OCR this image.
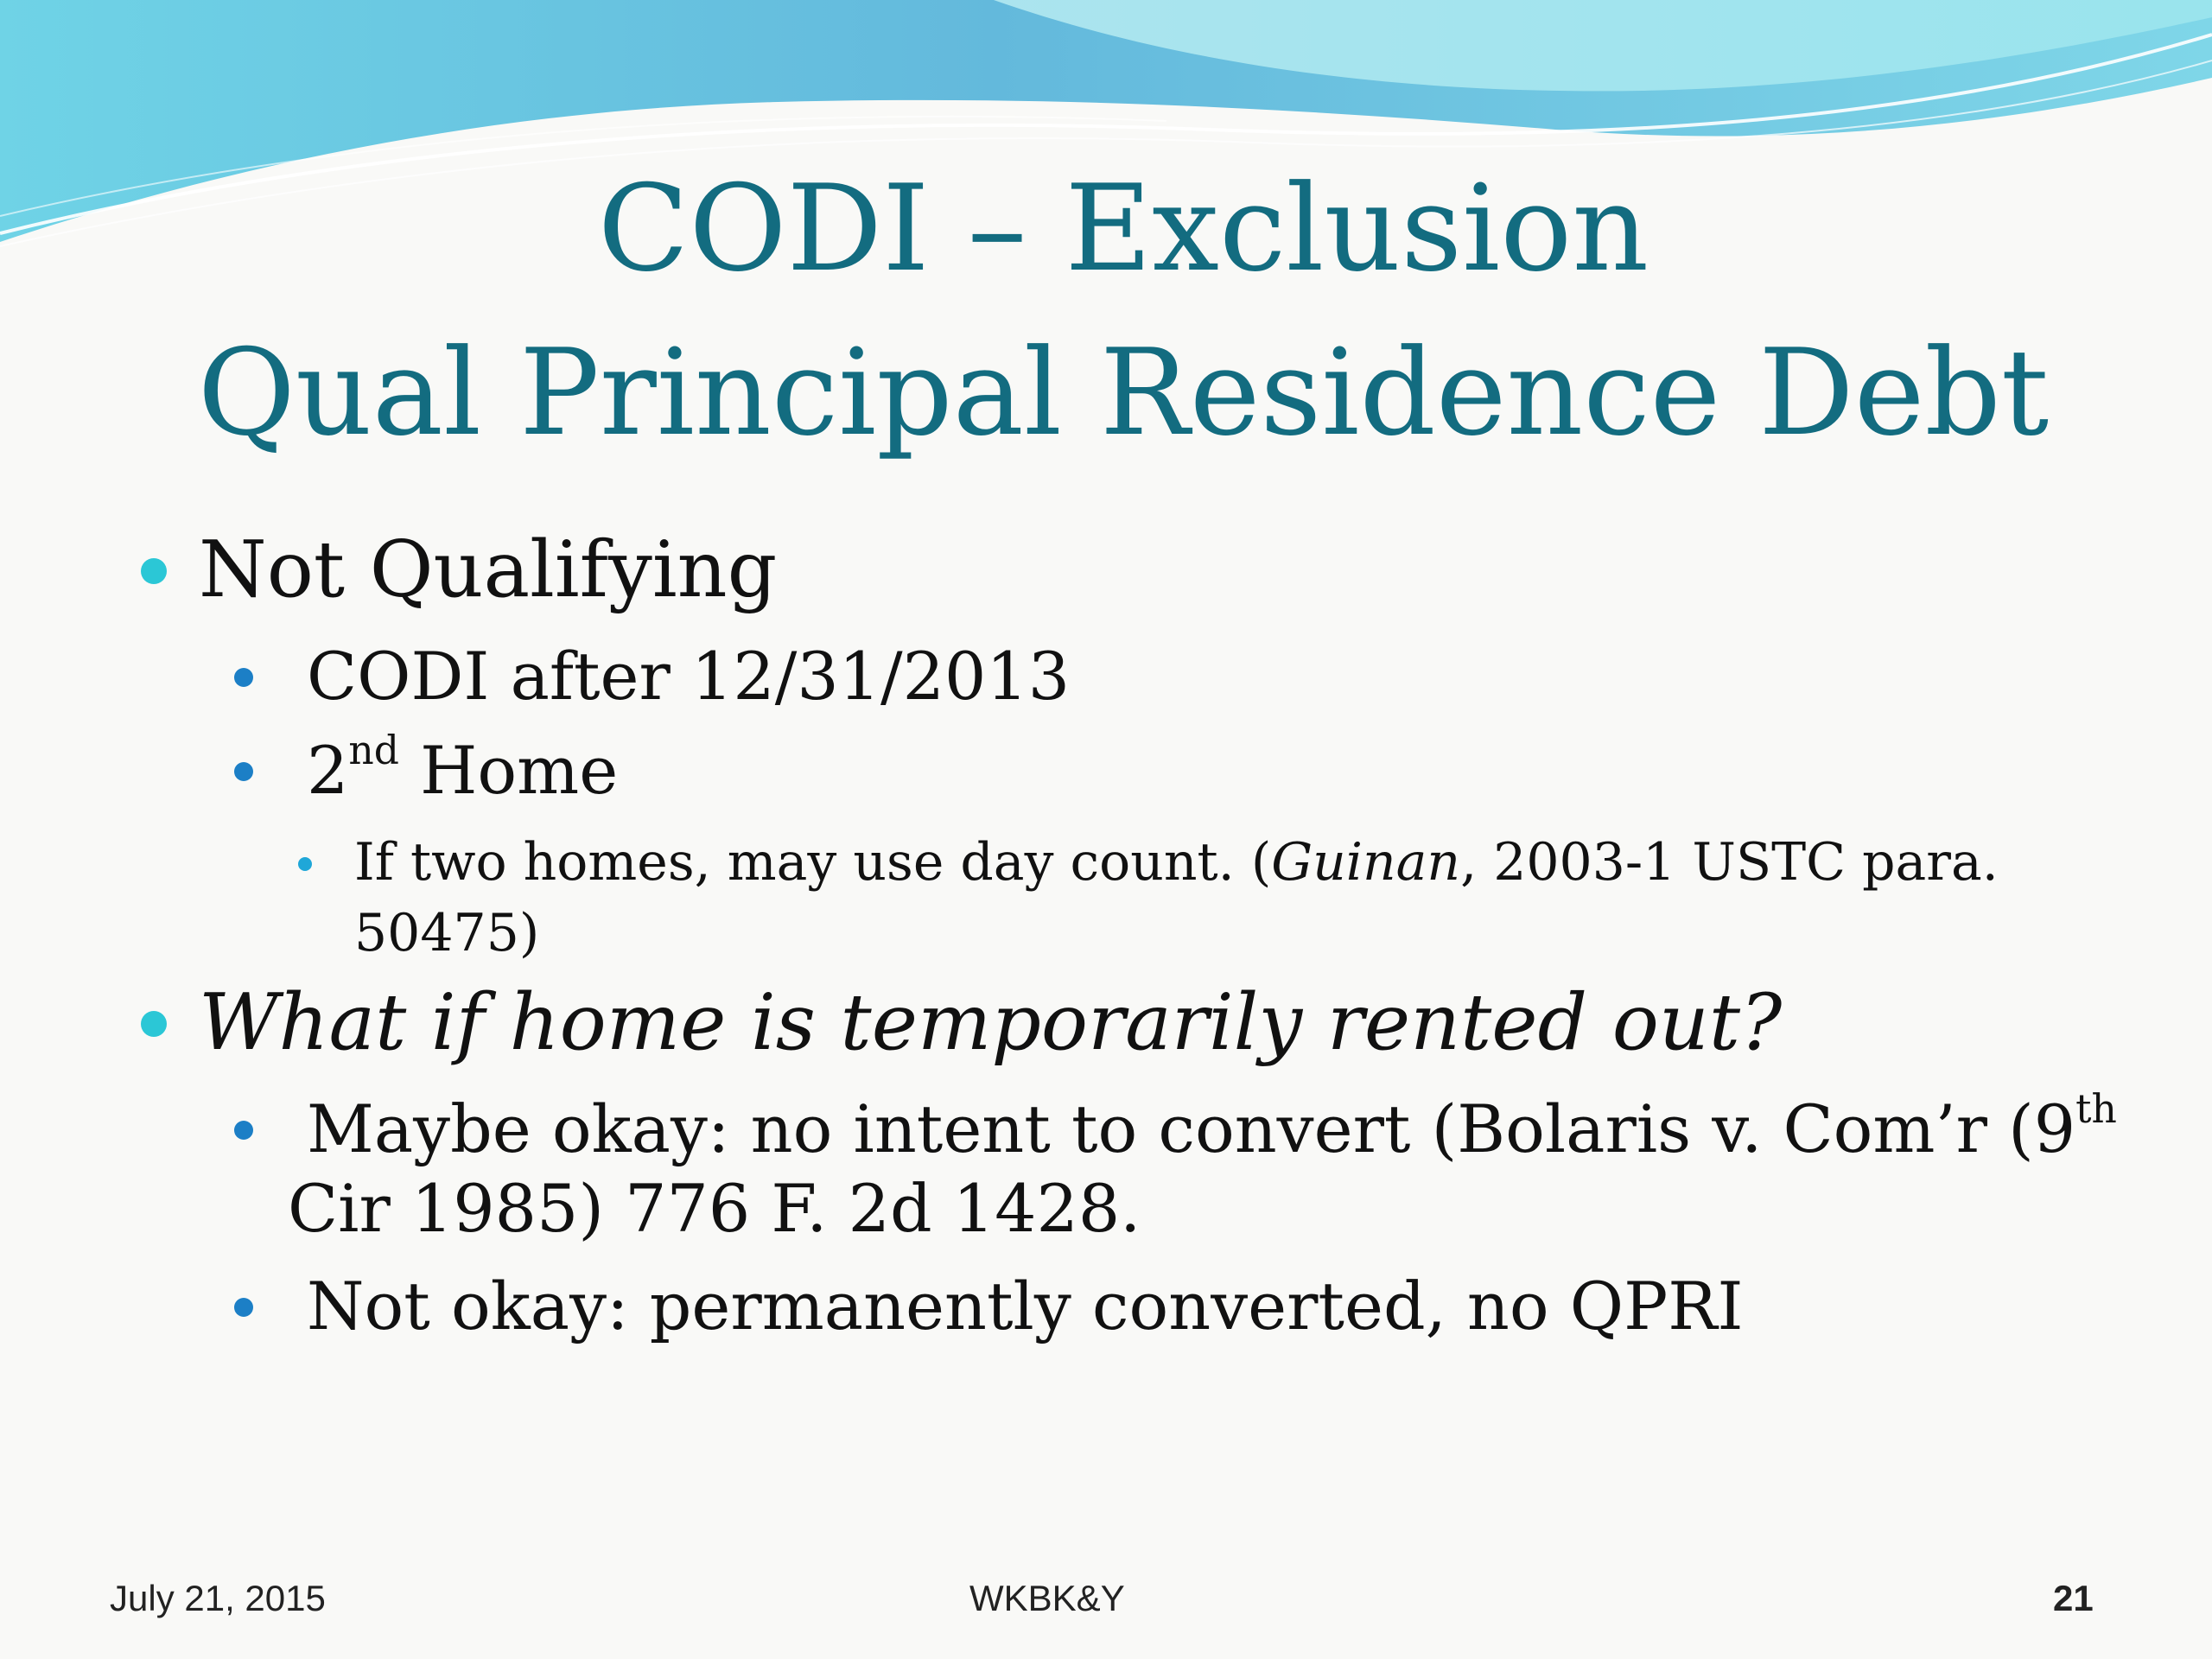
CODI – Exclusion
Qual Principal Residence Debt
Not Qualifying
CODI after 12/31/2013
2nd Home
If two homes, may use day count. (Guinan, 2003-1 USTC para.
50475)
What if home is temporarily rented out?
Maybe okay: no intent to convert (Bolaris v. Com’r (9th
Cir 1985) 776 F. 2d 1428.
Not okay: permanently converted, no QPRI
July 21, 2015	WKBK&Y	21
